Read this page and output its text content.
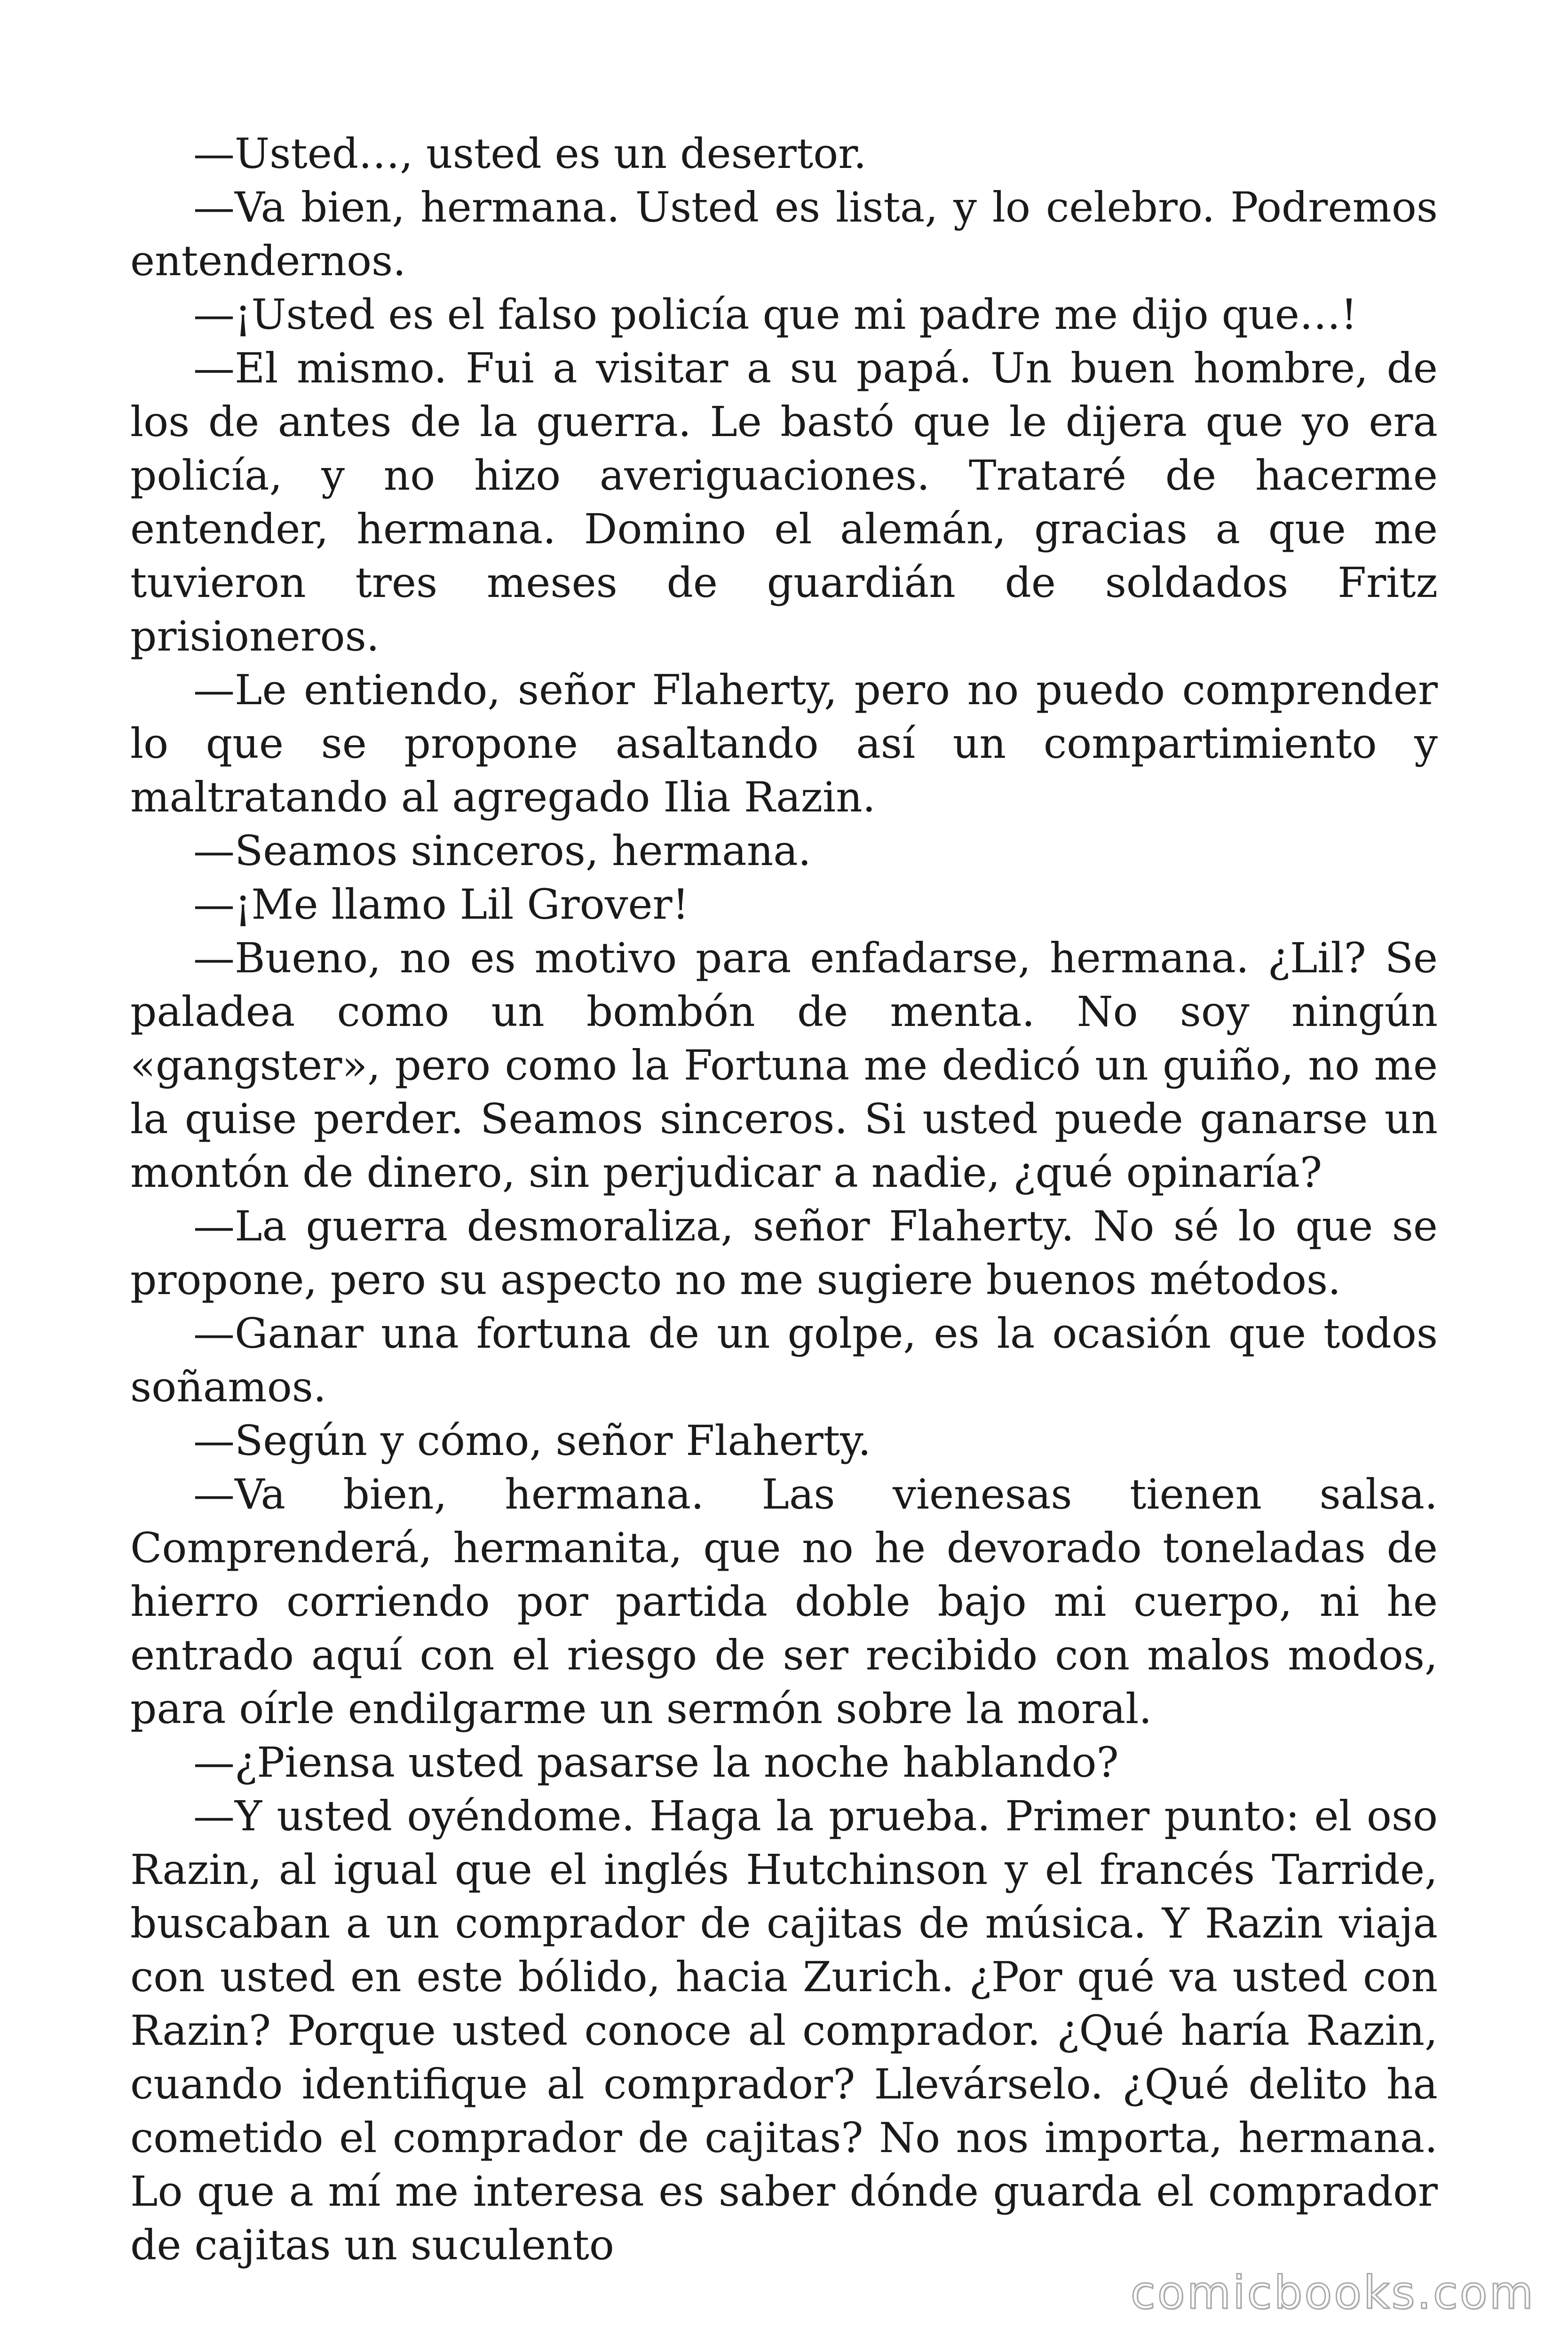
—Usted…, usted es un desertor.

—Va bien, hermana. Usted es lista, y lo celebro. Podremos entendernos.

—¡Usted es el falso policía que mi padre me dijo que…!

—El mismo. Fui a visitar a su papá. Un buen hombre, de los de antes de la guerra. Le bastó que le dijera que yo era policía, y no hizo averiguaciones. Trataré de hacerme entender, hermana. Domino el alemán, gracias a que me tuvieron tres meses de guardián de soldados Fritz prisioneros.

—Le entiendo, señor Flaherty, pero no puedo comprender lo que se propone asaltando así un compartimiento y maltratando al agregado Ilia Razin.

—Seamos sinceros, hermana.

—¡Me llamo Lil Grover!

—Bueno, no es motivo para enfadarse, hermana. ¿Lil? Se paladea como un bombón de menta. No soy ningún «gangster», pero como la Fortuna me dedicó un guiño, no me la quise perder. Seamos sinceros. Si usted puede ganarse un montón de dinero, sin perjudicar a nadie, ¿qué opinaría?

—La guerra desmoraliza, señor Flaherty. No sé lo que se propone, pero su aspecto no me sugiere buenos métodos.

—Ganar una fortuna de un golpe, es la ocasión que todos soñamos.

—Según y cómo, señor Flaherty.

—Va bien, hermana. Las vienesas tienen salsa. Comprenderá, hermanita, que no he devorado toneladas de hierro corriendo por partida doble bajo mi cuerpo, ni he entrado aquí con el riesgo de ser recibido con malos modos, para oírle endilgarme un sermón sobre la moral.

—¿Piensa usted pasarse la noche hablando?

—Y usted oyéndome. Haga la prueba. Primer punto: el oso Razin, al igual que el inglés Hutchinson y el francés Tarride, buscaban a un comprador de cajitas de música. Y Razin viaja con usted en este bólido, hacia Zurich. ¿Por qué va usted con Razin? Porque usted conoce al comprador. ¿Qué haría Razin, cuando identifique al comprador? Llevárselo. ¿Qué delito ha cometido el comprador de cajitas? No nos importa, hermana. Lo que a mí me interesa es saber dónde guarda el comprador de cajitas un suculento

comicbooks.com
